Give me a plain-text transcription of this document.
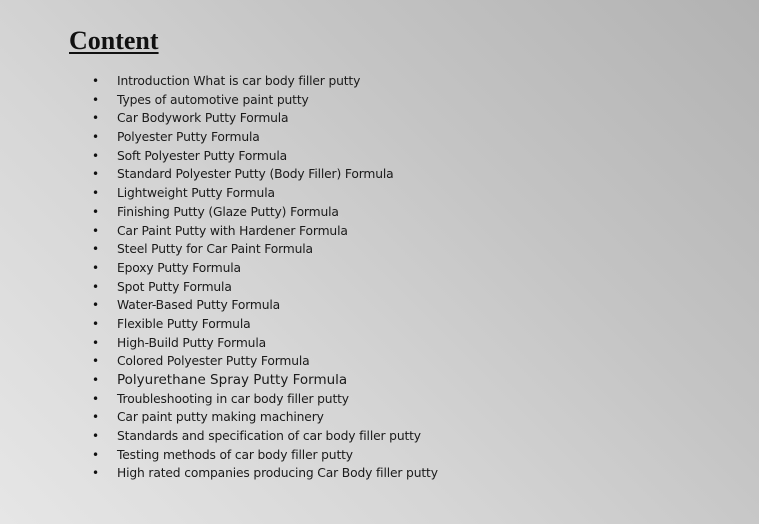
Content
• Introduction What is car body filler putty
• Types of automotive paint putty
• Car Bodywork Putty Formula
• Polyester Putty Formula
• Soft Polyester Putty Formula
• Standard Polyester Putty (Body Filler) Formula
• Lightweight Putty Formula
• Finishing Putty (Glaze Putty) Formula
• Car Paint Putty with Hardener Formula
• Steel Putty for Car Paint Formula
• Epoxy Putty Formula
• Spot Putty Formula
• Water-Based Putty Formula
• Flexible Putty Formula
• High-Build Putty Formula
• Colored Polyester Putty Formula
• Polyurethane Spray Putty Formula
• Troubleshooting in car body filler putty
• Car paint putty making machinery
• Standards and specification of car body filler putty
• Testing methods of car body filler putty
• High rated companies producing Car Body filler putty
